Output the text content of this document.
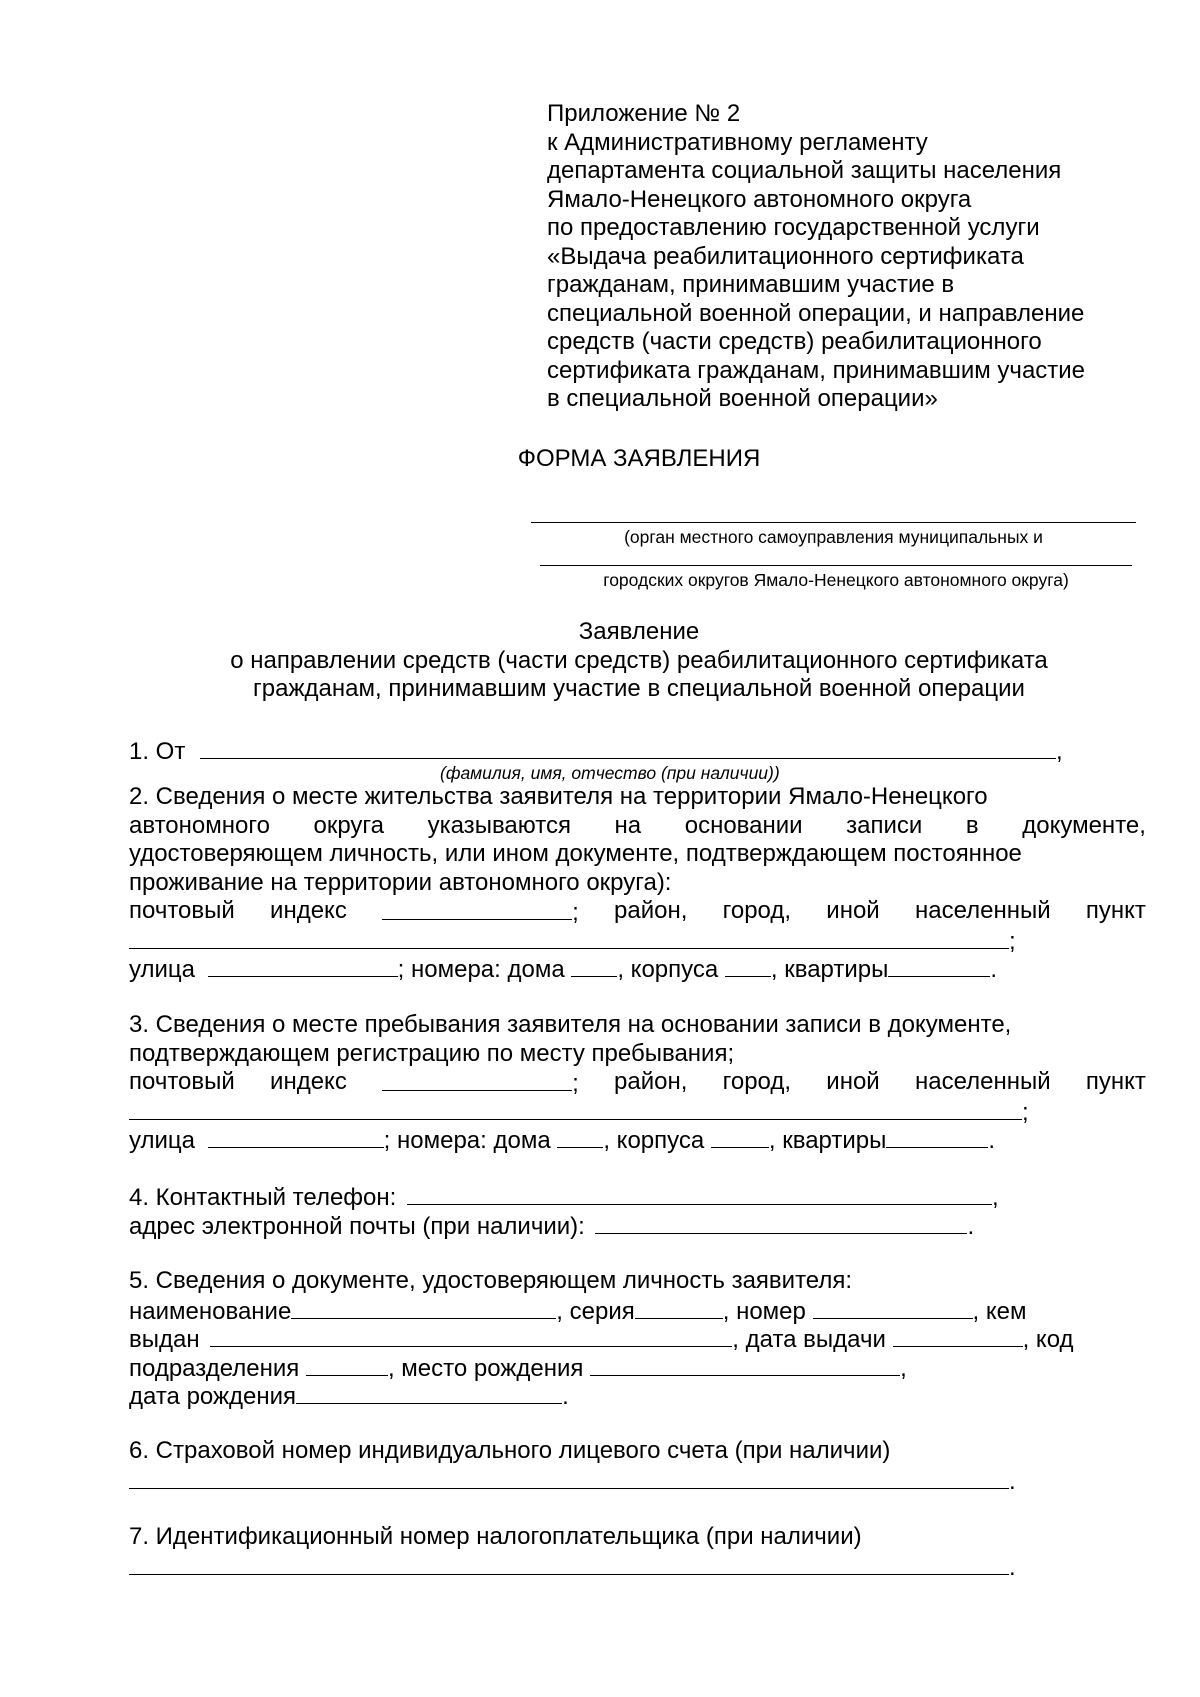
Приложение № 2
к Административному регламенту
департамента социальной защиты населения
Ямало-Ненецкого автономного округа
по предоставлению государственной услуги
«Выдача реабилитационного сертификата
гражданам, принимавшим участие в
специальной военной операции, и направление
средств (части средств) реабилитационного
сертификата гражданам, принимавшим участие
в специальной военной операции»
ФОРМА ЗАЯВЛЕНИЯ
(орган местного самоуправления муниципальных и
городских округов Ямало-Ненецкого автономного округа)
Заявление
о направлении средств (части средств) реабилитационного сертификата
гражданам, принимавшим участие в специальной военной операции
1. От	,
(фамилия, имя, отчество (при наличии))
2. Сведения о месте жительства заявителя на территории Ямало-Ненецкого
автономного округа указываются на основании записи в документе,
удостоверяющем личность, или ином документе, подтверждающем постоянное
проживание на территории автономного округа):
почтовый индекс	; район, город, иной населенный пункт
;
улица	; номера: дома , корпуса , квартиры	.
3. Сведения о месте пребывания заявителя на основании записи в документе,
подтверждающем регистрацию по месту пребывания;
почтовый индекс	; район, город, иной населенный пункт
;
улица	; номера: дома , корпуса	, квартиры	.
4. Контактный телефон:	,
адрес электронной почты (при наличии):	.
5. Сведения о документе, удостоверяющем личность заявителя:
наименование	, серия	, номер	, кем
выдан	, дата выдачи	, код
подразделения	, место рождения	,
дата рождения	.
6. Страховой номер индивидуального лицевого счета (при наличии)
.
7. Идентификационный номер налогоплательщика (при наличии)
.
